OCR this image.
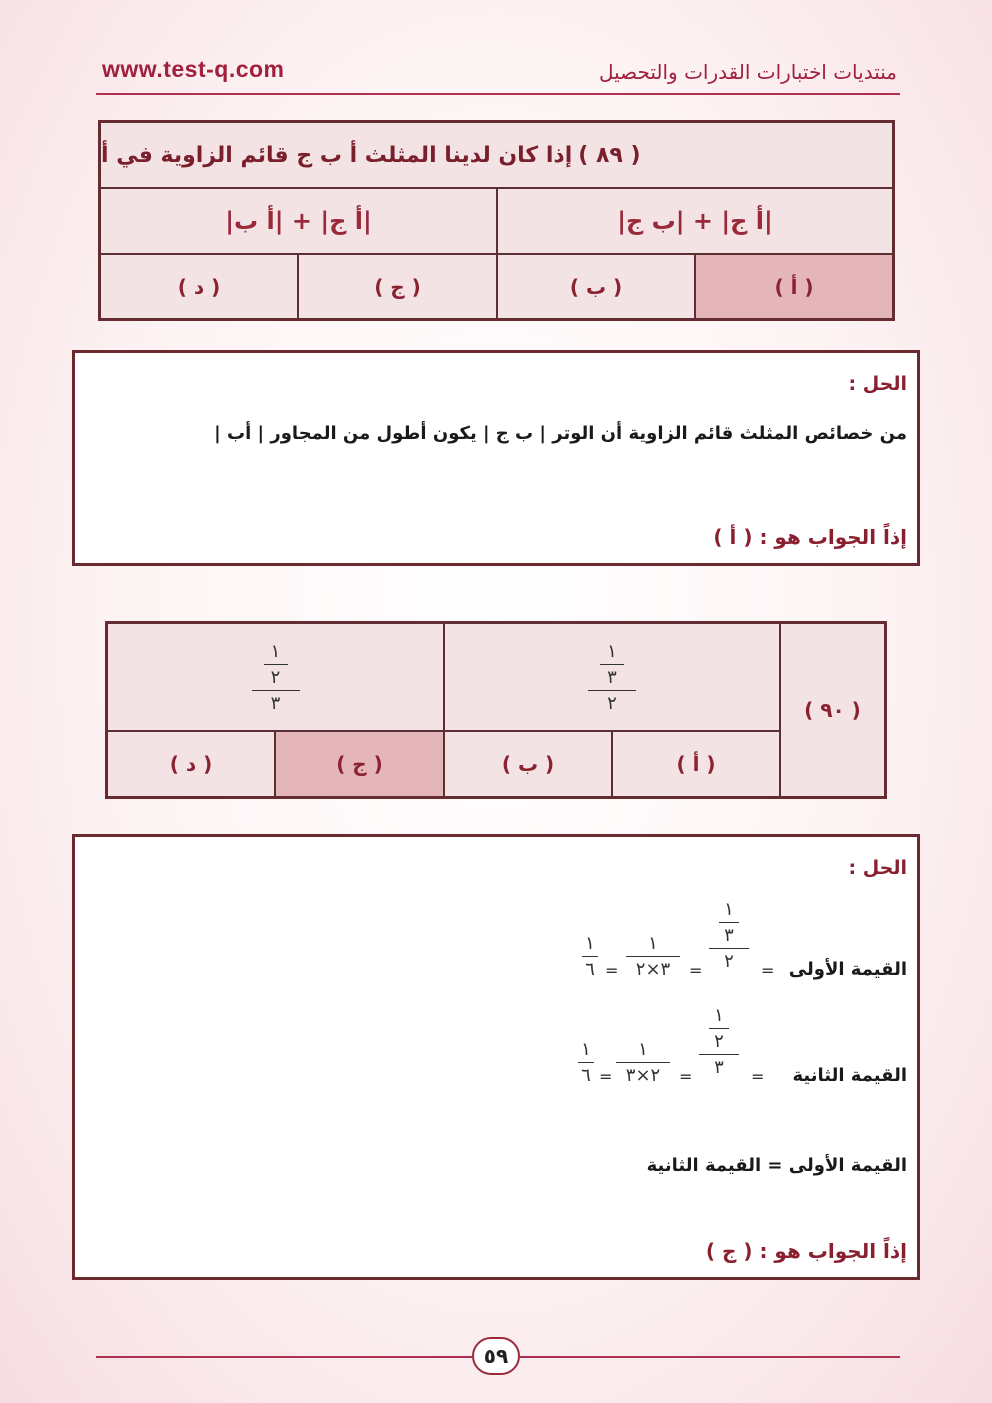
www.test-q.com	منتديات اختبارات القدرات والتحصيل
( ٨٩ )
إذا كان لدينا المثلث أ ب ج قائم الزاوية في أ
|أ ج| + |ب ج|
|أ ج| + |أ ب|
( أ )
( ب )
( ج )
( د )
الحل :
من خصائص المثلث قائم الزاوية أن الوتر | ب ج | يكون أطول من المجاور | أب |
إذاً الجواب هو : ( أ )
( ٩٠ )
١
٣
٢
١
٢
٣
( أ )
( ب )
( ج )
( د )
الحل :
القيمة الأولى
=
١
٣
٢
=
١
٣×٢
=
١
٦
القيمة الثانية
=
١
٢
٣
=
١
٢×٣
=
١
٦
القيمة الأولى = القيمة الثانية
إذاً الجواب هو : ( ج )
٥٩
